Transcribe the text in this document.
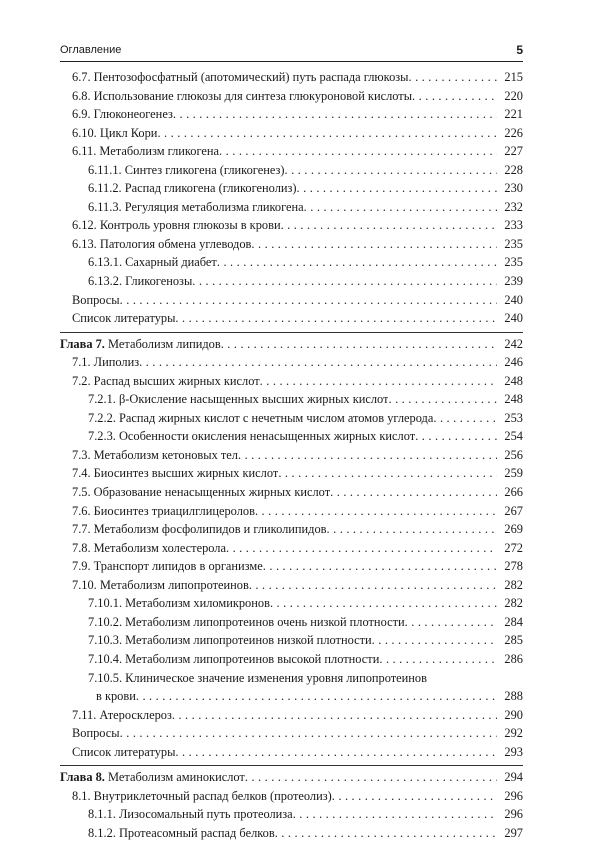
Оглавление	5
6.7. Пентозофосфатный (апотомический) путь распада глюкозы . . .	215
6.8. Использование глюкозы для синтеза глюкуроновой кислоты . . .	220
6.9. Глюконеогенез . . .	221
6.10. Цикл Кори . . .	226
6.11. Метаболизм гликогена . . .	227
6.11.1. Синтез гликогена (гликогенез) . . .	228
6.11.2. Распад гликогена (гликогенолиз) . . .	230
6.11.3. Регуляция метаболизма гликогена . . .	232
6.12. Контроль уровня глюкозы в крови . . .	233
6.13. Патология обмена углеводов . . .	235
6.13.1. Сахарный диабет . . .	235
6.13.2. Гликогенозы . . .	239
Вопросы . . .	240
Список литературы . . .	240
Глава 7. Метаболизм липидов . . .	242
7.1. Липолиз . . .	246
7.2. Распад высших жирных кислот . . .	248
7.2.1. β-Окисление насыщенных высших жирных кислот . . .	248
7.2.2. Распад жирных кислот с нечетным числом атомов углерода . . .	253
7.2.3. Особенности окисления ненасыщенных жирных кислот . . .	254
7.3. Метаболизм кетоновых тел . . .	256
7.4. Биосинтез высших жирных кислот . . .	259
7.5. Образование ненасыщенных жирных кислот . . .	266
7.6. Биосинтез триацилглицеролов . . .	267
7.7. Метаболизм фосфолипидов и гликолипидов . . .	269
7.8. Метаболизм холестерола . . .	272
7.9. Транспорт липидов в организме . . .	278
7.10. Метаболизм липопротеинов . . .	282
7.10.1. Метаболизм хиломикронов . . .	282
7.10.2. Метаболизм липопротеинов очень низкой плотности . . .	284
7.10.3. Метаболизм липопротеинов низкой плотности . . .	285
7.10.4. Метаболизм липопротеинов высокой плотности . . .	286
7.10.5. Клиническое значение изменения уровня липопротеинов
в крови . . .	288
7.11. Атеросклероз . . .	290
Вопросы . . .	292
Список литературы . . .	293
Глава 8. Метаболизм аминокислот . . .	294
8.1. Внутриклеточный распад белков (протеолиз) . . .	296
8.1.1. Лизосомальный путь протеолиза . . .	296
8.1.2. Протеасомный распад белков . . .	297
